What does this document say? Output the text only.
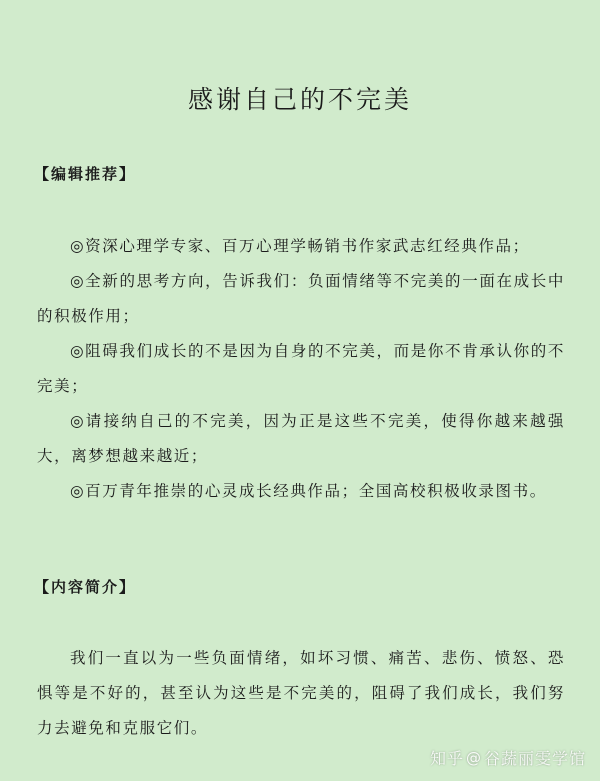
感谢自己的不完美
【编辑推荐】

◎资深心理学专家、百万心理学畅销书作家武志红经典作品；

◎全新的思考方向，告诉我们：负面情绪等不完美的一面在成长中的积极作用；

◎阻碍我们成长的不是因为自身的不完美，而是你不肯承认你的不完美；

◎请接纳自己的不完美，因为正是这些不完美，使得你越来越强大，离梦想越来越近；

◎百万青年推崇的心灵成长经典作品；全国高校积极收录图书。

【内容简介】

我们一直以为一些负面情绪，如坏习惯、痛苦、悲伤、愤怒、恐惧等是不好的，甚至认为这些是不完美的，阻碍了我们成长，我们努力去避免和克服它们。

知乎 @ 谷蔬丽雯学馆
